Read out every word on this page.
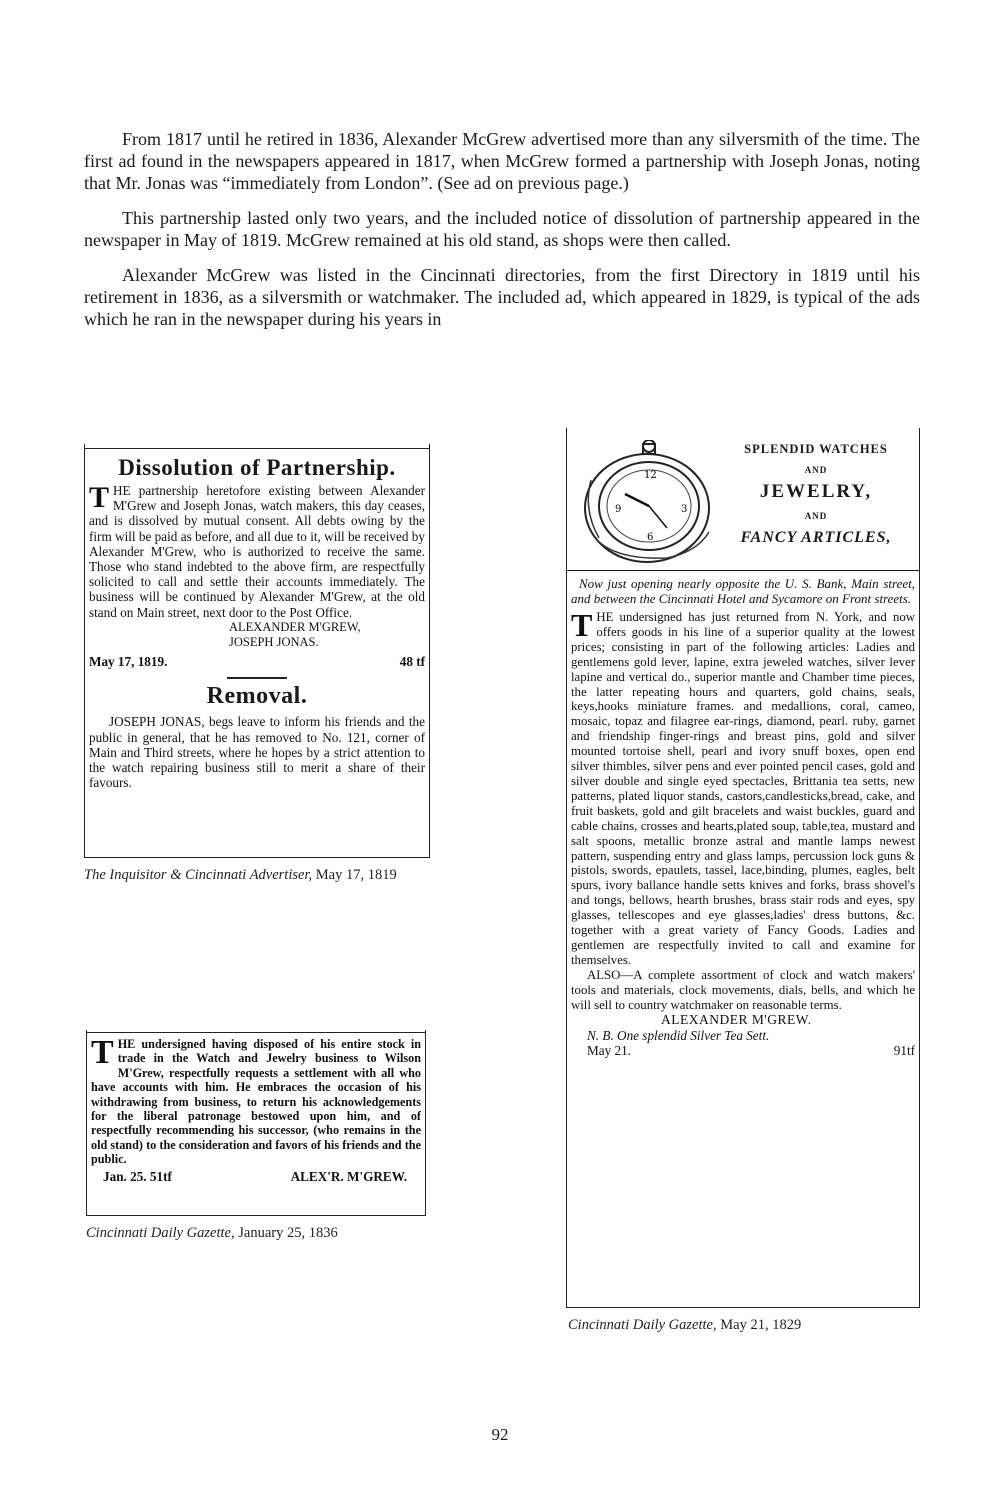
From 1817 until he retired in 1836, Alexander McGrew advertised more than any silversmith of the time. The first ad found in the newspapers appeared in 1817, when McGrew formed a partnership with Joseph Jonas, noting that Mr. Jonas was “immediately from London”. (See ad on previous page.)

This partnership lasted only two years, and the included notice of dissolution of partnership appeared in the newspaper in May of 1819. McGrew remained at his old stand, as shops were then called.

Alexander McGrew was listed in the Cincinnati directories, from the first Directory in 1819 until his retirement in 1836, as a silversmith or watchmaker. The included ad, which appeared in 1829, is typical of the ads which he ran in the newspaper during his years in

Dissolution of Partnership.
THE partnership heretofore existing between Alexander M'Grew and Joseph Jonas, watch makers, this day ceases, and is dissolved by mutual consent. All debts owing by the firm will be paid as before, and all due to it, will be received by Alexander M'Grew, who is authorized to receive the same. Those who stand indebted to the above firm, are respectfully solicited to call and settle their accounts immediately. The business will be continued by Alexander M'Grew, at the old stand on Main street, next door to the Post Office.
ALEXANDER M'GREW,
JOSEPH JONAS.
May 17, 1819.	48 tf
Removal.
JOSEPH JONAS, begs leave to inform his friends and the public in general, that he has removed to No. 121, corner of Main and Third streets, where he hopes by a strict attention to the watch repairing business still to merit a share of their favours.
The Inquisitor & Cincinnati Advertiser, May 17, 1819
THE undersigned having disposed of his entire stock in trade in the Watch and Jewelry business to Wilson M'Grew, respectfully requests a settlement with all who have accounts with him. He embraces the occasion of his withdrawing from business, to return his acknowledgements for the liberal patronage bestowed upon him, and of respectfully recommending his successor, (who remains in the old stand) to the consideration and favors of his friends and the public.
Jan. 25. 51tf	ALEX'R. M'GREW.
Cincinnati Daily Gazette, January 25, 1836
12
9	3
6
SPLENDID WATCHES
AND
JEWELRY,
AND
FANCY ARTICLES,
Now just opening nearly opposite the U. S. Bank, Main street, and between the Cincinnati Hotel and Sycamore on Front streets.
THE undersigned has just returned from N. York, and now offers goods in his line of a superior quality at the lowest prices; consisting in part of the following articles: Ladies and gentlemens gold lever, lapine, extra jeweled watches, silver lever lapine and vertical do., superior mantle and Chamber time pieces, the latter repeating hours and quarters, gold chains, seals, keys,hooks miniature frames. and medallions, coral, cameo, mosaic, topaz and filagree ear-rings, diamond, pearl. ruby, garnet and friendship finger-rings and breast pins, gold and silver mounted tortoise shell, pearl and ivory snuff boxes, open end silver thimbles, silver pens and ever pointed pencil cases, gold and silver double and single eyed spectacles, Brittania tea setts, new patterns, plated liquor stands, castors,candlesticks,bread, cake, and fruit baskets, gold and gilt bracelets and waist buckles, guard and cable chains, crosses and hearts,plated soup, table,tea, mustard and salt spoons, metallic bronze astral and mantle lamps newest pattern, suspending entry and glass lamps, percussion lock guns & pistols, swords, epaulets, tassel, lace,binding, plumes, eagles, belt spurs, ivory ballance handle setts knives and forks, brass shovel's and tongs, bellows, hearth brushes, brass stair rods and eyes, spy glasses, tellescopes and eye glasses,ladies' dress buttons, &c. together with a great variety of Fancy Goods. Ladies and gentlemen are respectfully invited to call and examine for themselves.
ALSO—A complete assortment of clock and watch makers' tools and materials, clock movements, dials, bells, and which he will sell to country watchmaker on reasonable terms.
ALEXANDER M'GREW.
N. B. One splendid Silver Tea Sett.
May 21.	91tf
Cincinnati Daily Gazette, May 21, 1829
92
